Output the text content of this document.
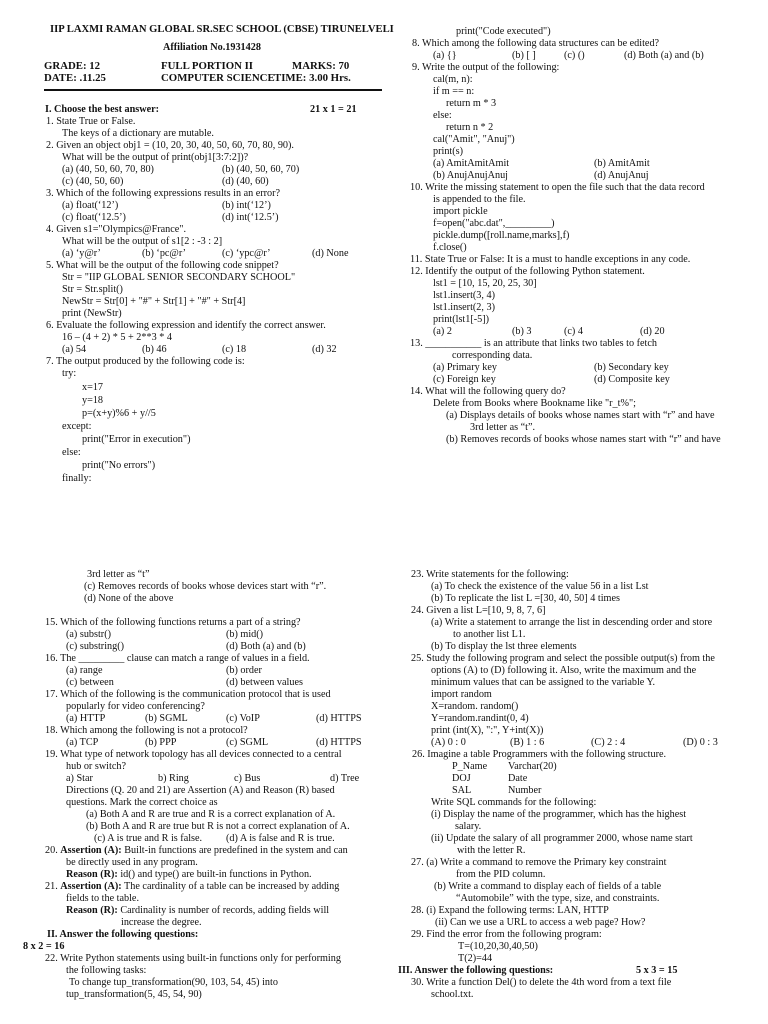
IIP LAXMI RAMAN GLOBAL SR.SEC SCHOOL (CBSE) TIRUNELVELI
Affiliation No.1931428
GRADE: 12	FULL PORTION II	MARKS: 70
DATE: .11.25	COMPUTER SCIENCE TIME: 3.00 Hrs.
I. Choose the best answer:	21 x 1 = 21
1. State True or False.
The keys of a dictionary are mutable.
2. Given an object obj1 = (10, 20, 30, 40, 50, 60, 70, 80, 90).
What will be the output of print(obj1[3:7:2])?
(a) (40, 50, 60, 70, 80)	(b) (40, 50, 60, 70)
(c) (40, 50, 60)	(d) (40, 60)
3. Which of the following expressions results in an error?
(a) float(‘12’)	(b) int(‘12’)
(c) float(‘12.5’)	(d) int(‘12.5’)
4. Given s1="Olympics@France".
What will be the output of s1[2 : -3 : 2]
(a) ‘y@r’	(b) ‘pc@r’	(c) ‘ypc@r’	(d) None
5. What will be the output of the following code snippet?
Str = "IIP GLOBAL SENIOR SECONDARY SCHOOL"
Str = Str.split()
NewStr = Str[0] + "#" + Str[1] + "#" + Str[4]
print (NewStr)
6. Evaluate the following expression and identify the correct answer.
16 – (4 + 2) * 5 + 2**3 * 4
(a) 54	(b) 46	(c) 18	(d) 32
7. The output produced by the following code is:
try:
x=17
y=18
p=(x+y)%6 + y//5
except:
print("Error in execution")
else:
print("No errors")
finally:
print("Code executed")
8. Which among the following data structures can be edited?
(a) {}	(b) [ ]	(c) ()	(d) Both (a) and (b)
9. Write the output of the following:
cal(m, n):
if m == n:
return m * 3
else:
return n * 2
cal("Amit", "Anuj")
print(s)
(a) AmitAmitAmit	(b) AmitAmit
(b) AnujAnujAnuj	(d) AnujAnuj
10. Write the missing statement to open the file such that the data record
is appended to the file.
import pickle
f=open("abc.dat",_________)
pickle.dump([roll.name,marks],f)
f.close()
11. State True or False: It is a must to handle exceptions in any code.
12. Identify the output of the following Python statement.
lst1 = [10, 15, 20, 25, 30]
lst1.insert(3, 4)
lst1.insert(2, 3)
print(lst1[-5])
(a) 2	(b) 3	(c) 4	(d) 20
13. ___________ is an attribute that links two tables to fetch
corresponding data.
(a) Primary key	(b) Secondary key
(c) Foreign key	(d) Composite key
14. What will the following query do?
Delete from Books where Bookname like "r_t%";
(a) Displays details of books whose names start with “r” and have
3rd letter as “t”.
(b) Removes records of books whose names start with “r” and have
3rd letter as “t”
(c) Removes records of books whose devices start with “r”.
(d) None of the above
15. Which of the following functions returns a part of a string?
(a) substr()	(b) mid()
(c) substring()	(d) Both (a) and (b)
16. The _________ clause can match a range of values in a field.
(a) range	(b) order
(c) between	(d) between values
17. Which of the following is the communication protocol that is used
popularly for video conferencing?
(a) HTTP	(b) SGML	(c) VoIP	(d) HTTPS
18. Which among the following is not a protocol?
(a) TCP	(b) PPP	(c) SGML	(d) HTTPS
19. What type of network topology has all devices connected to a central
hub or switch?
a) Star	b) Ring	c) Bus	d) Tree
Directions (Q. 20 and 21) are Assertion (A) and Reason (R) based
questions. Mark the correct choice as
(a) Both A and R are true and R is a correct explanation of A.
(b) Both A and R are true but R is not a correct explanation of A.
(c) A is true and R is false. (d) A is false and R is true.
20. Assertion (A): Built-in functions are predefined in the system and can
be directly used in any program.
Reason (R): id() and type() are built-in functions in Python.
21. Assertion (A): The cardinality of a table can be increased by adding
fields to the table.
Reason (R): Cardinality is number of records, adding fields will
increase the degree.
II. Answer the following questions:
8 x 2 = 16
22. Write Python statements using built-in functions only for performing
the following tasks:
To change tup_transformation(90, 103, 54, 45) into
tup_transformation(5, 45, 54, 90)
23. Write statements for the following:
(a) To check the existence of the value 56 in a list Lst
(b) To replicate the list L =[30, 40, 50] 4 times
24. Given a list L=[10, 9, 8, 7, 6]
(a) Write a statement to arrange the list in descending order and store
to another list L1.
(b) To display the lst three elements
25. Study the following program and select the possible output(s) from the
options (A) to (D) following it. Also, write the maximum and the
minimum values that can be assigned to the variable Y.
import random
X=random. random()
Y=random.randint(0, 4)
print (int(X), ":", Y+int(X))
(A) 0 : 0	(B) 1 : 6	(C) 2 : 4	(D) 0 : 3
26. Imagine a table Programmers with the following structure.
P_Name Varchar(20)
DOJ	Date
SAL	Number
Write SQL commands for the following:
(i) Display the name of the programmer, which has the highest
salary.
(ii) Update the salary of all programmer 2000, whose name start
with the letter R.
27. (a) Write a command to remove the Primary key constraint
from the PID column.
(b) Write a command to display each of fields of a table
“Automobile” with the type, size, and constraints.
28. (i) Expand the following terms: LAN, HTTP
(ii) Can we use a URL to access a web page? How?
29. Find the error from the following program:
T=(10,20,30,40,50)
T(2)=44
III. Answer the following questions:	5 x 3 = 15
30. Write a function Del() to delete the 4th word from a text file
school.txt.
